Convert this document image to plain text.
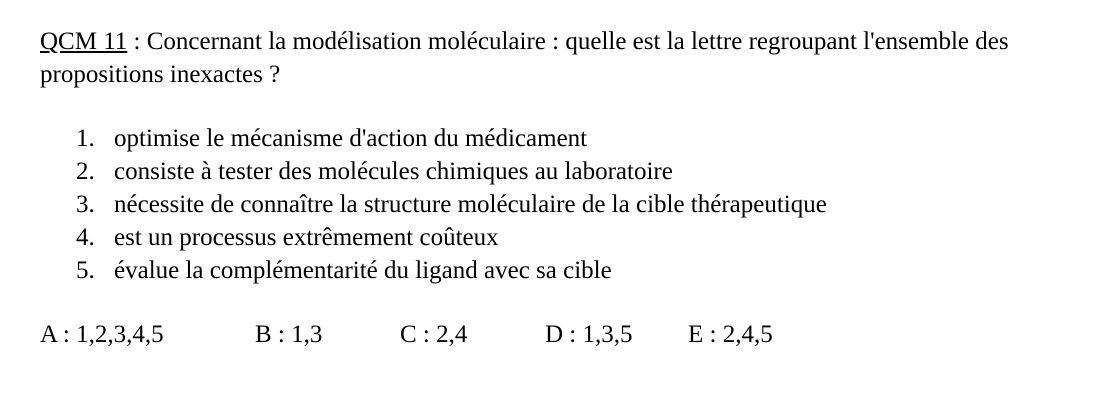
QCM 11 : Concernant la modélisation moléculaire : quelle est la lettre regroupant l'ensemble des propositions inexactes ?

1. optimise le mécanisme d'action du médicament
2. consiste à tester des molécules chimiques au laboratoire
3. nécessite de connaître la structure moléculaire de la cible thérapeutique
4. est un processus extrêmement coûteux
5. évalue la complémentarité du ligand avec sa cible
A : 1,2,3,4,5	B : 1,3	C : 2,4	D : 1,3,5 E : 2,4,5
